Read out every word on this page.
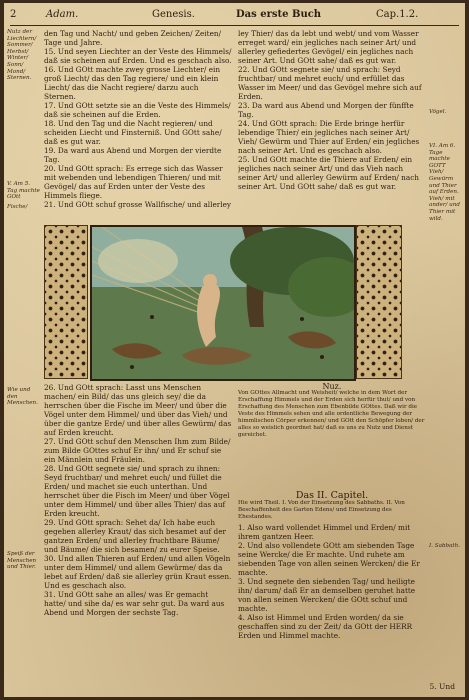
2	Adam.	Genesis.	Das erste Buch	Cap.1.2.

Nutz der Liechtern/ Sommer/ Herbst/ Winter/ Sonn/ Mond/ Sternen.

V. Am 5. Tag machte GOtt

Fische/

Wie und den Menschen.

Speiß der Menschen und Thier.

Vögel.

VI. Am 6. Tage machte GOTT Vieh/ Gewürm und Thier auf Erden. Vieh/ mit ander/ und Thier mit wild.

I. Sabbath.

den Tag und Nacht/ und geben Zeichen/ Zeiten/ Tage und Jahre.

15. Und seyen Liechter an der Veste des Himmels/ daß sie scheinen auf Erden. Und es geschach also.

16. Und GOtt machte zwey grosse Liechter/ ein groß Liecht/ das den Tag regiere/ und ein klein Liecht/ das die Nacht regiere/ darzu auch Sternen.

17. Und GOtt setzte sie an die Veste des Himmels/ daß sie scheinen auf die Erden.

18. Und den Tag und die Nacht regieren/ und scheiden Liecht und Finsterniß. Und GOtt sahe/ daß es gut war.

19. Da ward aus Abend und Morgen der vierdte Tag.

20. Und GOtt sprach: Es errege sich das Wasser mit webenden und lebendigen Thieren/ und mit Gevögel/ das auf Erden unter der Veste des Himmels fliege.

21. Und GOtt schuf grosse Wallfische/ und allerley

ley Thier/ das da lebt und webt/ und vom Wasser erreget ward/ ein jegliches nach seiner Art/ und allerley gefiedertes Gevögel/ ein jegliches nach seiner Art. Und GOtt sahe/ daß es gut war.

22. Und GOtt segnete sie/ und sprach: Seyd fruchtbar/ und mehret euch/ und erfüllet das Wasser im Meer/ und das Gevögel mehre sich auf Erden.

23. Da ward aus Abend und Morgen der fünffte Tag.

24. Und GOtt sprach: Die Erde bringe herfür lebendige Thier/ ein jegliches nach seiner Art/ Vieh/ Gewürm und Thier auf Erden/ ein jegliches nach seiner Art. Und es geschach also.

25. Und GOtt machte die Thiere auf Erden/ ein jegliches nach seiner Art/ und das Vieh nach seiner Art/ und allerley Gewürm auf Erden/ nach seiner Art. Und GOtt sahe/ daß es gut war.

26. Und GOtt sprach: Lasst uns Menschen machen/ ein Bild/ das uns gleich sey/ die da herrschen über die Fische im Meer/ und über die Vögel unter dem Himmel/ und über das Vieh/ und über die gantze Erde/ und über alles Gewürm/ das auf Erden kreucht.

27. Und GOtt schuf den Menschen Ihm zum Bilde/ zum Bilde GOttes schuf Er ihn/ und Er schuf sie ein Männlein und Fräulein.

28. Und GOtt segnete sie/ und sprach zu ihnen: Seyd fruchtbar/ und mehret euch/ und füllet die Erden/ und machet sie euch unterthan. Und herrschet über die Fisch im Meer/ und über Vögel unter dem Himmel/ und über alles Thier/ das auf Erden kreucht.

29. Und GOtt sprach: Sehet da/ Ich habe euch gegeben allerley Kraut/ das sich besamet auf der gantzen Erden/ und allerley fruchtbare Bäume/ und Bäume/ die sich besamen/ zu eurer Speise.

30. Und allen Thieren auf Erden/ und allen Vögeln unter dem Himmel/ und allem Gewürme/ das da lebet auf Erden/ daß sie allerley grün Kraut essen. Und es geschach also.

31. Und GOtt sahe an alles/ was Er gemacht hatte/ und sihe da/ es war sehr gut. Da ward aus Abend und Morgen der sechste Tag.

Nuz.

Von GOttes Allmacht und Weisheit/ welche in dem Wort der Erschaffung Himmels und der Erden sich herfür thut/ und von Erschaffung des Menschen zum Ebenbilde GOttes. Daß wir die Veste des Himmels sehen und alle ordentliche Bewegung der himmlischen Cörper erkennen/ und GOtt den Schöpfer loben/ der alles so weislich geordnet hat/ daß es uns zu Nutz und Dienst gereichet.

Das II. Capitel.

Hie wird Theil. I. Von der Einsetzung des Sabbaths. II. Von Beschaffenheit des Garten Edens/ und Einsetzung des Ehestandes.

1. Also ward vollendet Himmel und Erden/ mit ihrem gantzen Heer.

2. Und also vollendete GOtt am siebenden Tage seine Wercke/ die Er machte. Und ruhete am siebenden Tage von allen seinen Wercken/ die Er machte.

3. Und segnete den siebenden Tag/ und heiligte ihn/ darum/ daß Er an demselben geruhet hatte von allen seinen Wercken/ die GOtt schuf und machte.

4. Also ist Himmel und Erden worden/ da sie geschaffen sind zu der Zeit/ da GOtt der HERR Erden und Himmel machte.

5. Und
